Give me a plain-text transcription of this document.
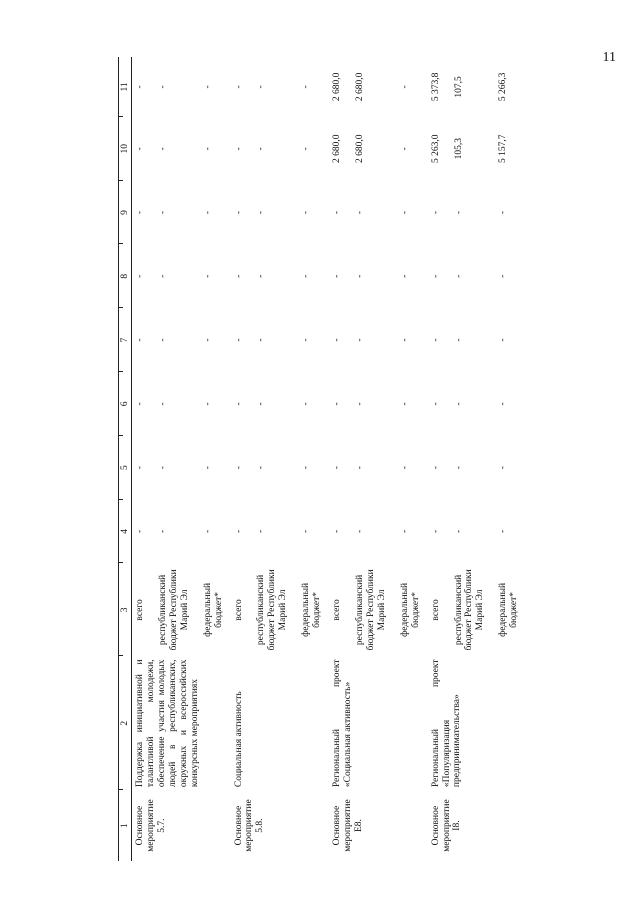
11
1	2	3	4	5	6	7	8	9	10	11
Основное мероприятие 5.7.	Поддержка инициативной и талантливой молодежи, обеспечение участия молодых людей в республиканских, окружных и всероссийских конкурсных мероприятиях	всего республиканский бюджет Республики Марий Эл федеральный бюджет*	- - -	- - -	- - -	- - -	- - -	- - -	- - -	- - -

Основное мероприятие 5.8.	Социальная активность	всего республиканский бюджет Республики Марий Эл федеральный бюджет*	- - -	- - -	- - -	- - -	- - -	- - -	- - -	- - -

Основное мероприятие E8.	Региональный проект «Социальная активность»	всего республиканский бюджет Республики Марий Эл федеральный бюджет*	- - -	- - -	- - -	- - -	- - -	- - -	2 680,0 2 680,0 -	2 680,0 2 680,0 -

Основное мероприятие I8.	Региональный проект «Популяризация предпринимательства»	всего республиканский бюджет Республики Марий Эл федеральный бюджет*	- - -	- - -	- - -	- - -	- - -	- - -	5 263,0 105,3 5 157,7	5 373,8 107,5 5 266,3
